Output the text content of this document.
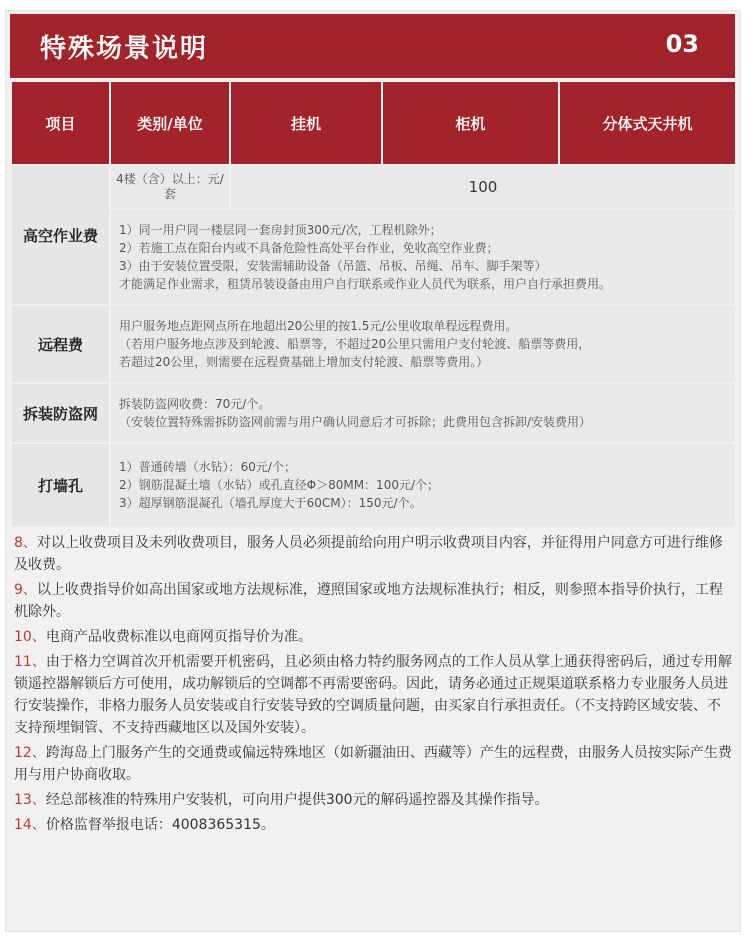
特殊场景说明	03
项目	类别/单位	挂机	柜机	分体式天井机
高空作业费	4楼（含）以上：元/套	100		

	1）同一用户同一楼层同一套房封顶300元/次，工程机除外；
2）若施工点在阳台内或不具备危险性高处平台作业，免收高空作业费；
3）由于安装位置受限，安装需辅助设备（吊篮、吊板、吊绳、吊车、脚手架等）
才能满足作业需求，租赁吊装设备由用户自行联系或作业人员代为联系，用户自行承担费用。			

远程费	用户服务地点距网点所在地超出20公里的按1.5元/公里收取单程远程费用。
（若用户服务地点涉及到轮渡、船票等，不超过20公里只需用户支付轮渡、船票等费用，
若超过20公里，则需要在远程费基础上增加支付轮渡、船票等费用。）			

拆装防盗网	拆装防盗网收费：70元/个。
（安装位置特殊需拆防盗网前需与用户确认同意后才可拆除；此费用包含拆卸/安装费用）			

打墙孔	1）普通砖墙（水钻）：60元/个；
2）钢筋混凝土墙（水钻）或孔直径Φ＞80MM：100元/个；
3）超厚钢筋混凝孔（墙孔厚度大于60CM）：150元/个。			
8、对以上收费项目及未列收费项目，服务人员必须提前给向用户明示收费项目内容，并征得用户同意方可进行维修及收费。
9、以上收费指导价如高出国家或地方法规标准，遵照国家或地方法规标准执行；相反，则参照本指导价执行，工程机除外。
10、电商产品收费标准以电商网页指导价为准。
11、由于格力空调首次开机需要开机密码，且必须由格力特约服务网点的工作人员从掌上通获得密码后，通过专用解锁遥控器解锁后方可使用，成功解锁后的空调都不再需要密码。因此，请务必通过正规渠道联系格力专业服务人员进行安装操作，非格力服务人员安装或自行安装导致的空调质量问题，由买家自行承担责任。（不支持跨区域安装、不支持预埋铜管、不支持西藏地区以及国外安装）。
12、跨海岛上门服务产生的交通费或偏远特殊地区（如新疆油田、西藏等）产生的远程费，由服务人员按实际产生费用与用户协商收取。
13、经总部核准的特殊用户安装机，可向用户提供300元的解码遥控器及其操作指导。
14、价格监督举报电话：4008365315。
